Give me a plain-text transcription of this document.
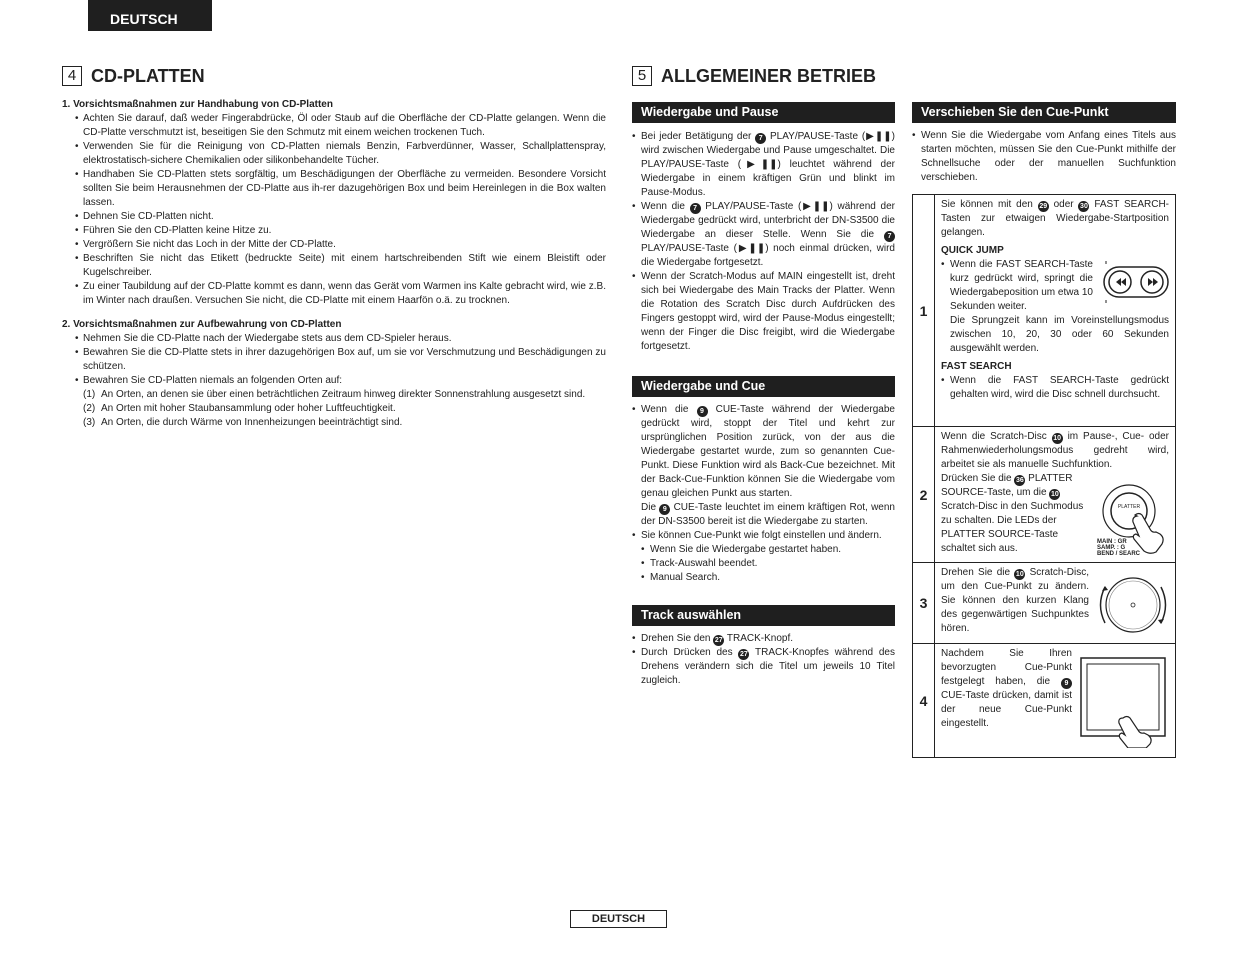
DEUTSCH
4 CD-PLATTEN
1. Vorsichtsmaßnahmen zur Handhabung von CD-Platten
• Achten Sie darauf, daß weder Fingerabdrücke, Öl oder Staub auf die Oberfläche der CD-Platte gelangen. Wenn die CD-Platte verschmutzt ist, beseitigen Sie den Schmutz mit einem weichen trockenen Tuch.
• Verwenden Sie für die Reinigung von CD-Platten niemals Benzin, Farbverdünner, Wasser, Schallplattenspray, elektrostatisch-sichere Chemikalien oder silikonbehandelte Tücher.
• Handhaben Sie CD-Platten stets sorgfältig, um Beschädigungen der Oberfläche zu vermeiden. Besondere Vorsicht sollten Sie beim Herausnehmen der CD-Platte aus ih-rer dazugehörigen Box und beim Hereinlegen in die Box walten lassen.
• Dehnen Sie CD-Platten nicht.
• Führen Sie den CD-Platten keine Hitze zu.
• Vergrößern Sie nicht das Loch in der Mitte der CD-Platte.
• Beschriften Sie nicht das Etikett (bedruckte Seite) mit einem hartschreibenden Stift wie einem Bleistift oder Kugelschreiber.
• Zu einer Taubildung auf der CD-Platte kommt es dann, wenn das Gerät vom Warmen ins Kalte gebracht wird, wie z.B. im Winter nach draußen. Versuchen Sie nicht, die CD-Platte mit einem Haarfön o.ä. zu trocknen.
2. Vorsichtsmaßnahmen zur Aufbewahrung von CD-Platten
• Nehmen Sie die CD-Platte nach der Wiedergabe stets aus dem CD-Spieler heraus.
• Bewahren Sie die CD-Platte stets in ihrer dazugehörigen Box auf, um sie vor Verschmutzung und Beschädigungen zu schützen.
• Bewahren Sie CD-Platten niemals an folgenden Orten auf:
(1) An Orten, an denen sie über einen beträchtlichen Zeitraum hinweg direkter Sonnenstrahlung ausgesetzt sind.
(2) An Orten mit hoher Staubansammlung oder hoher Luftfeuchtigkeit.
(3) An Orten, die durch Wärme von Innenheizungen beeinträchtigt sind.
5 ALLGEMEINER BETRIEB
Wiedergabe und Pause
• Bei jeder Betätigung der 7 PLAY/PAUSE-Taste (▶❚❚) wird zwischen Wiedergabe und Pause umgeschaltet. Die PLAY/PAUSE-Taste (▶❚❚) leuchtet während der Wiedergabe in einem kräftigen Grün und blinkt im Pause-Modus.
• Wenn die 7 PLAY/PAUSE-Taste (▶❚❚) während der Wiedergabe gedrückt wird, unterbricht der DN-S3500 die Wiedergabe an dieser Stelle. Wenn Sie die 7 PLAY/PAUSE-Taste (▶❚❚) noch einmal drücken, wird die Wiedergabe fortgesetzt.
• Wenn der Scratch-Modus auf MAIN eingestellt ist, dreht sich bei Wiedergabe des Main Tracks der Platter. Wenn die Rotation des Scratch Disc durch Aufdrücken des Fingers gestoppt wird, wird der Pause-Modus eingestellt; wenn der Finger die Disc freigibt, wird die Wiedergabe fortgesetzt.
Wiedergabe und Cue
• Wenn die 9 CUE-Taste während der Wiedergabe gedrückt wird, stoppt der Titel und kehrt zur ursprünglichen Position zurück, von der aus die Wiedergabe gestartet wurde, zum so genannten Cue-Punkt. Diese Funktion wird als Back-Cue bezeichnet. Mit der Back-Cue-Funktion können Sie die Wiedergabe vom genau gleichen Punkt aus starten.
Die 9 CUE-Taste leuchtet im einem kräftigen Rot, wenn der DN-S3500 bereit ist die Wiedergabe zu starten.
• Sie können Cue-Punkt wie folgt einstellen und ändern.
• Wenn Sie die Wiedergabe gestartet haben.
• Track-Auswahl beendet.
• Manual Search.
Track auswählen
• Drehen Sie den 27 TRACK-Knopf.
• Durch Drücken des 27 TRACK-Knopfes während des Drehens verändern sich die Titel um jeweils 10 Titel zugleich.
Verschieben Sie den Cue-Punkt
• Wenn Sie die Wiedergabe vom Anfang eines Titels aus starten möchten, müssen Sie den Cue-Punkt mithilfe der Schnellsuche oder der manuellen Suchfunktion verschieben.
1
Sie können mit den 29 oder 30 FAST SEARCH-Tasten zur etwaigen Wiedergabe-Startposition gelangen.
QUICK JUMP
• Wenn die FAST SEARCH-Taste kurz gedrückt wird, springt die Wiedergabeposition um etwa 10 Sekunden weiter.
Die Sprungzeit kann im Voreinstellungsmodus zwischen 10, 20, 30 oder 60 Sekunden ausgewählt werden.
FAST SEARCH
• Wenn die FAST SEARCH-Taste gedrückt gehalten wird, wird die Disc schnell durchsucht.
2
Wenn die Scratch-Disc 10 im Pause-, Cue- oder Rahmenwiederholungsmodus gedreht wird, arbeitet sie als manuelle Suchfunktion.
Drücken Sie die 36 PLATTER SOURCE-Taste, um die 10 Scratch-Disc in den Suchmodus zu schalten. Die LEDs der PLATTER SOURCE-Taste schaltet sich aus.
PLATTER
MAIN : GR
SAMP. : G
BEND / SEARC
3
Drehen Sie die 10 Scratch-Disc, um den Cue-Punkt zu ändern. Sie können den kurzen Klang des gegenwärtigen Suchpunktes hören.
4
Nachdem Sie Ihren bevorzugten Cue-Punkt festgelegt haben, die 9 CUE-Taste drücken, damit ist der neue Cue-Punkt eingestellt.
DEUTSCH
